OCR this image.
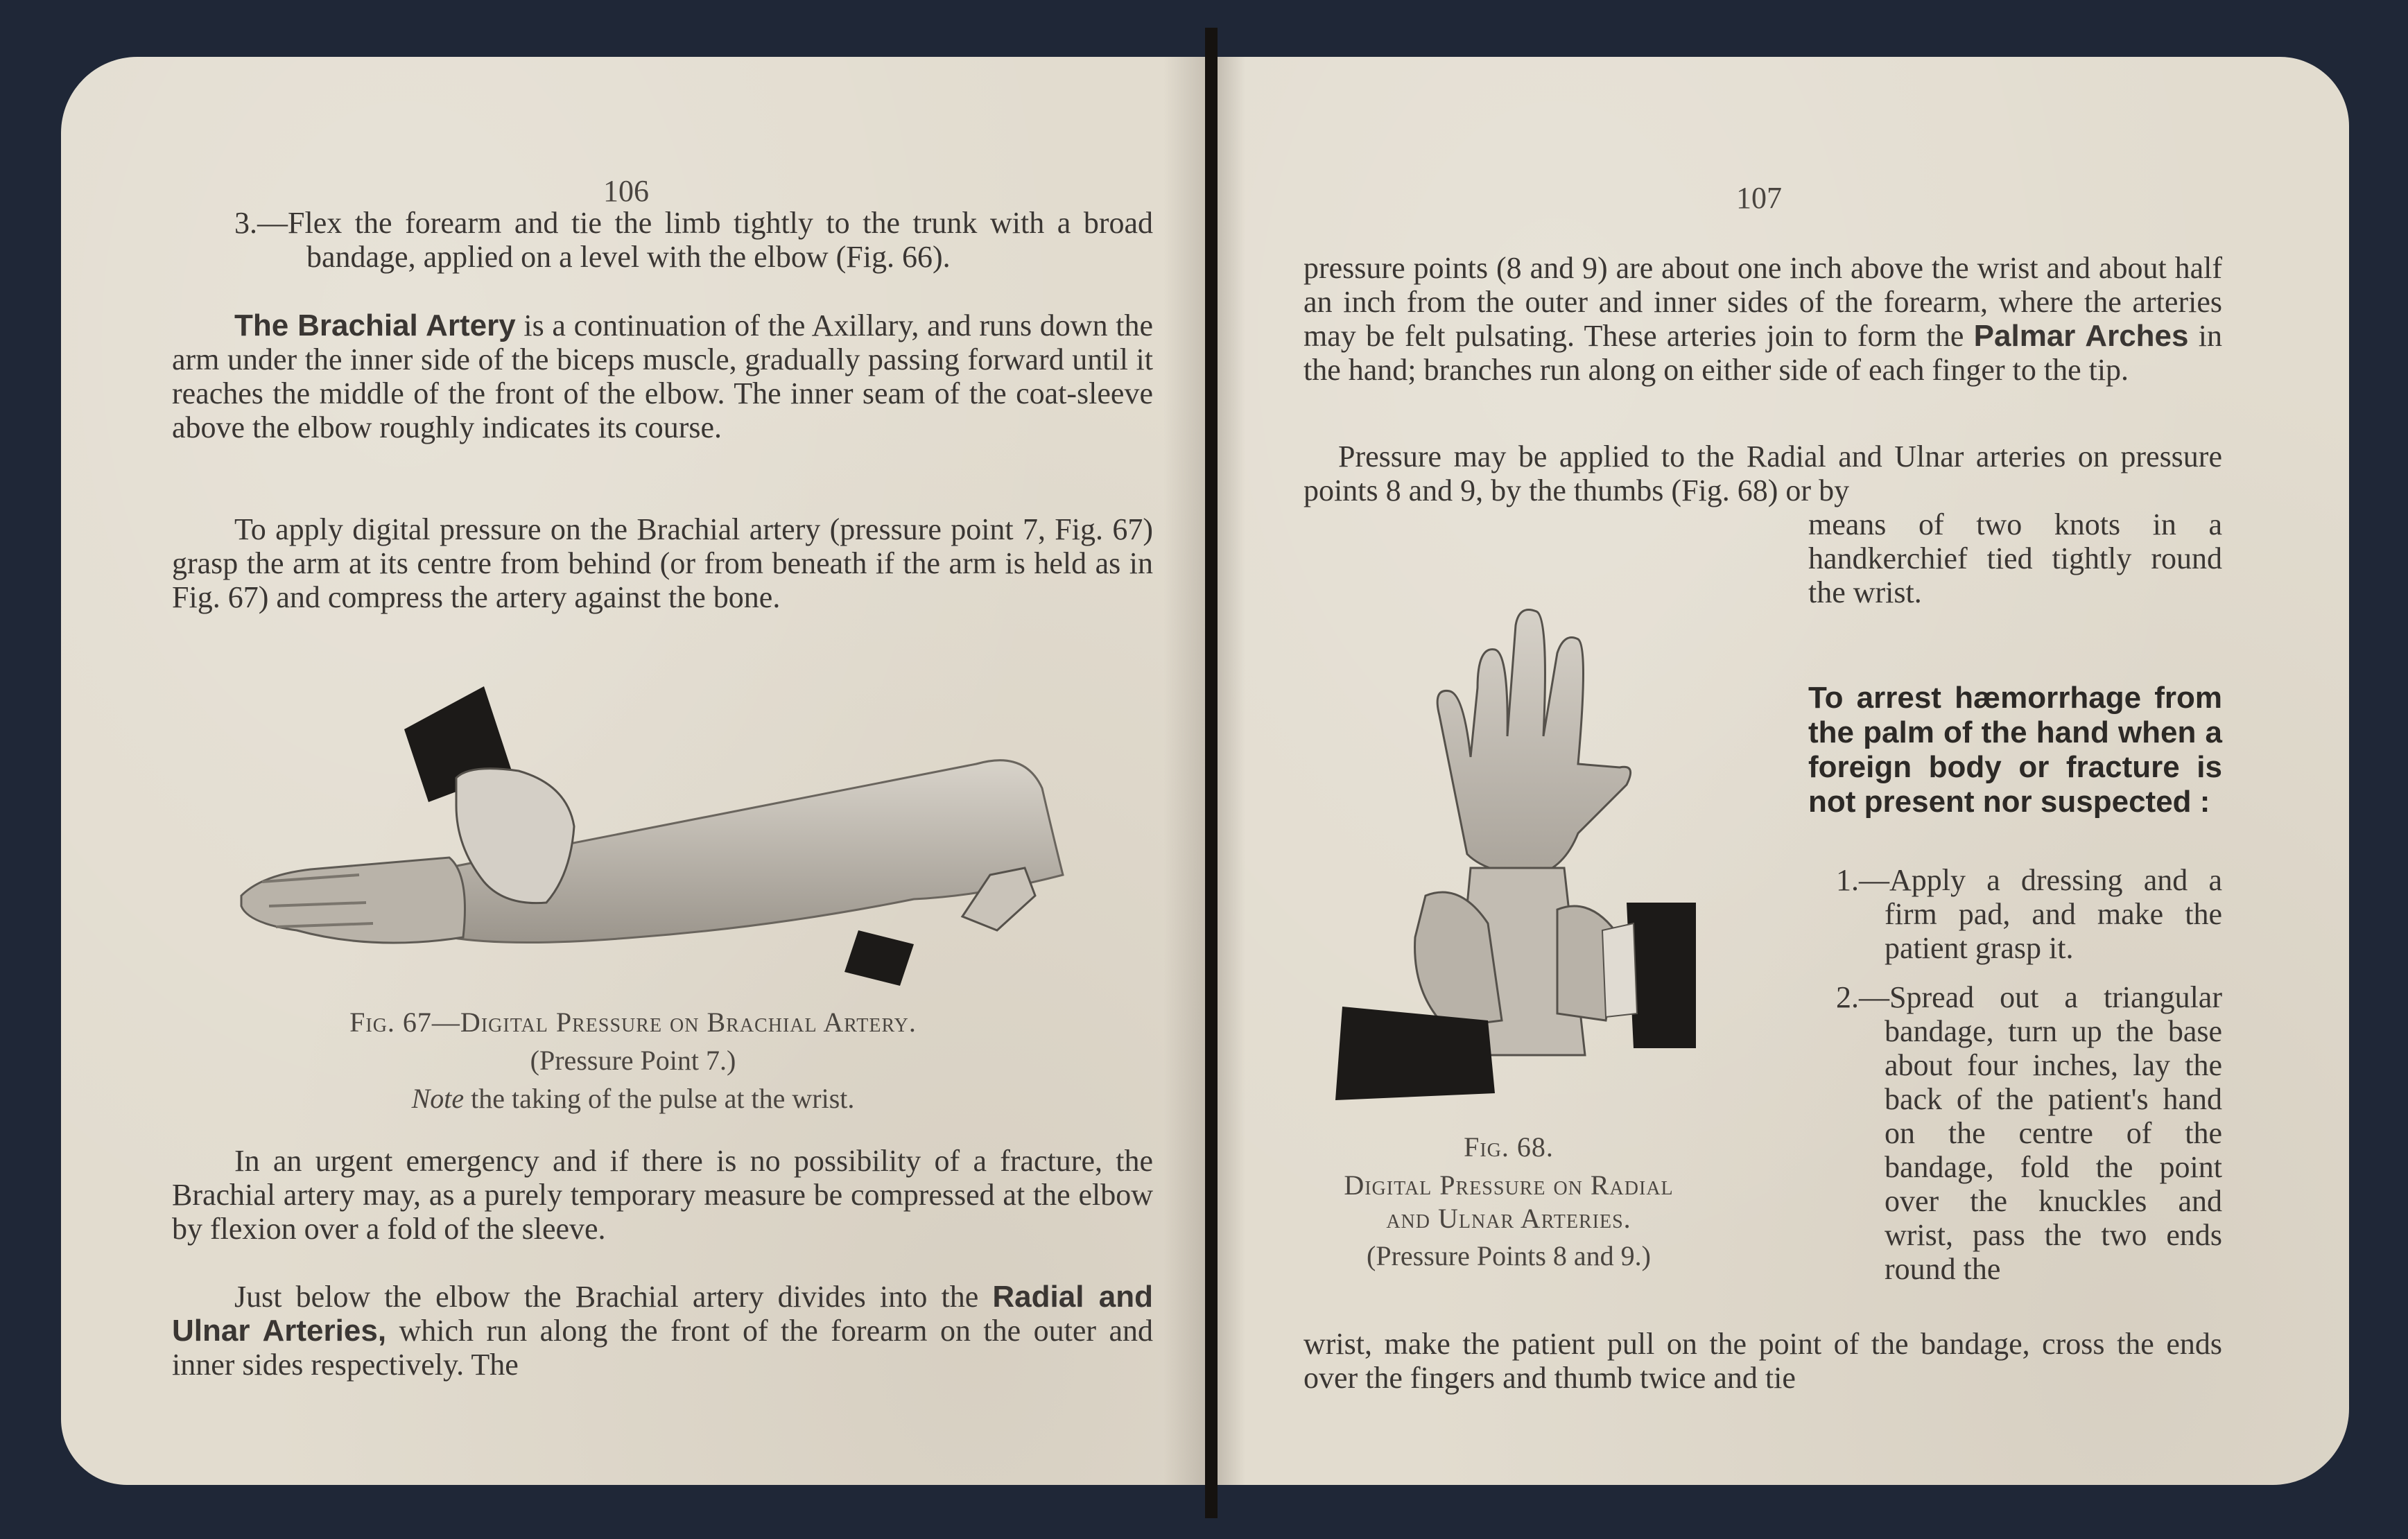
106

3.—Flex the forearm and tie the limb tightly to the trunk with a broad bandage, applied on a level with the elbow (Fig. 66).

The Brachial Artery is a continuation of the Axillary, and runs down the arm under the inner side of the biceps muscle, gradually passing forward until it reaches the middle of the front of the elbow. The inner seam of the coat-sleeve above the elbow roughly indicates its course.

To apply digital pressure on the Brachial artery (pressure point 7, Fig. 67) grasp the arm at its centre from behind (or from beneath if the arm is held as in Fig. 67) and compress the artery against the bone.

Fig. 67—Digital Pressure on Brachial Artery.
(Pressure Point 7.)
Note the taking of the pulse at the wrist.

In an urgent emergency and if there is no possibility of a fracture, the Brachial artery may, as a purely temporary measure be compressed at the elbow by flexion over a fold of the sleeve.

Just below the elbow the Brachial artery divides into the Radial and Ulnar Arteries, which run along the front of the forearm on the outer and inner sides respectively. The

107

pressure points (8 and 9) are about one inch above the wrist and about half an inch from the outer and inner sides of the forearm, where the arteries may be felt pulsating. These arteries join to form the Palmar Arches in the hand; branches run along on either side of each finger to the tip.

Pressure may be applied to the Radial and Ulnar arteries on pressure points 8 and 9, by the thumbs (Fig. 68) or by

means of two knots in a handkerchief tied tightly round the wrist.

Fig. 68.
Digital Pressure on Radial
and Ulnar Arteries.
(Pressure Points 8 and 9.)
To arrest hæmorrhage from the palm of the hand when a foreign body or fracture is not present nor suspected :

1.—Apply a dressing and a firm pad, and make the patient grasp it.

2.—Spread out a triangular bandage, turn up the base about four inches, lay the back of the patient's hand on the centre of the bandage, fold the point over the knuckles and wrist, pass the two ends round the

wrist, make the patient pull on the point of the bandage, cross the ends over the fingers and thumb twice and tie
